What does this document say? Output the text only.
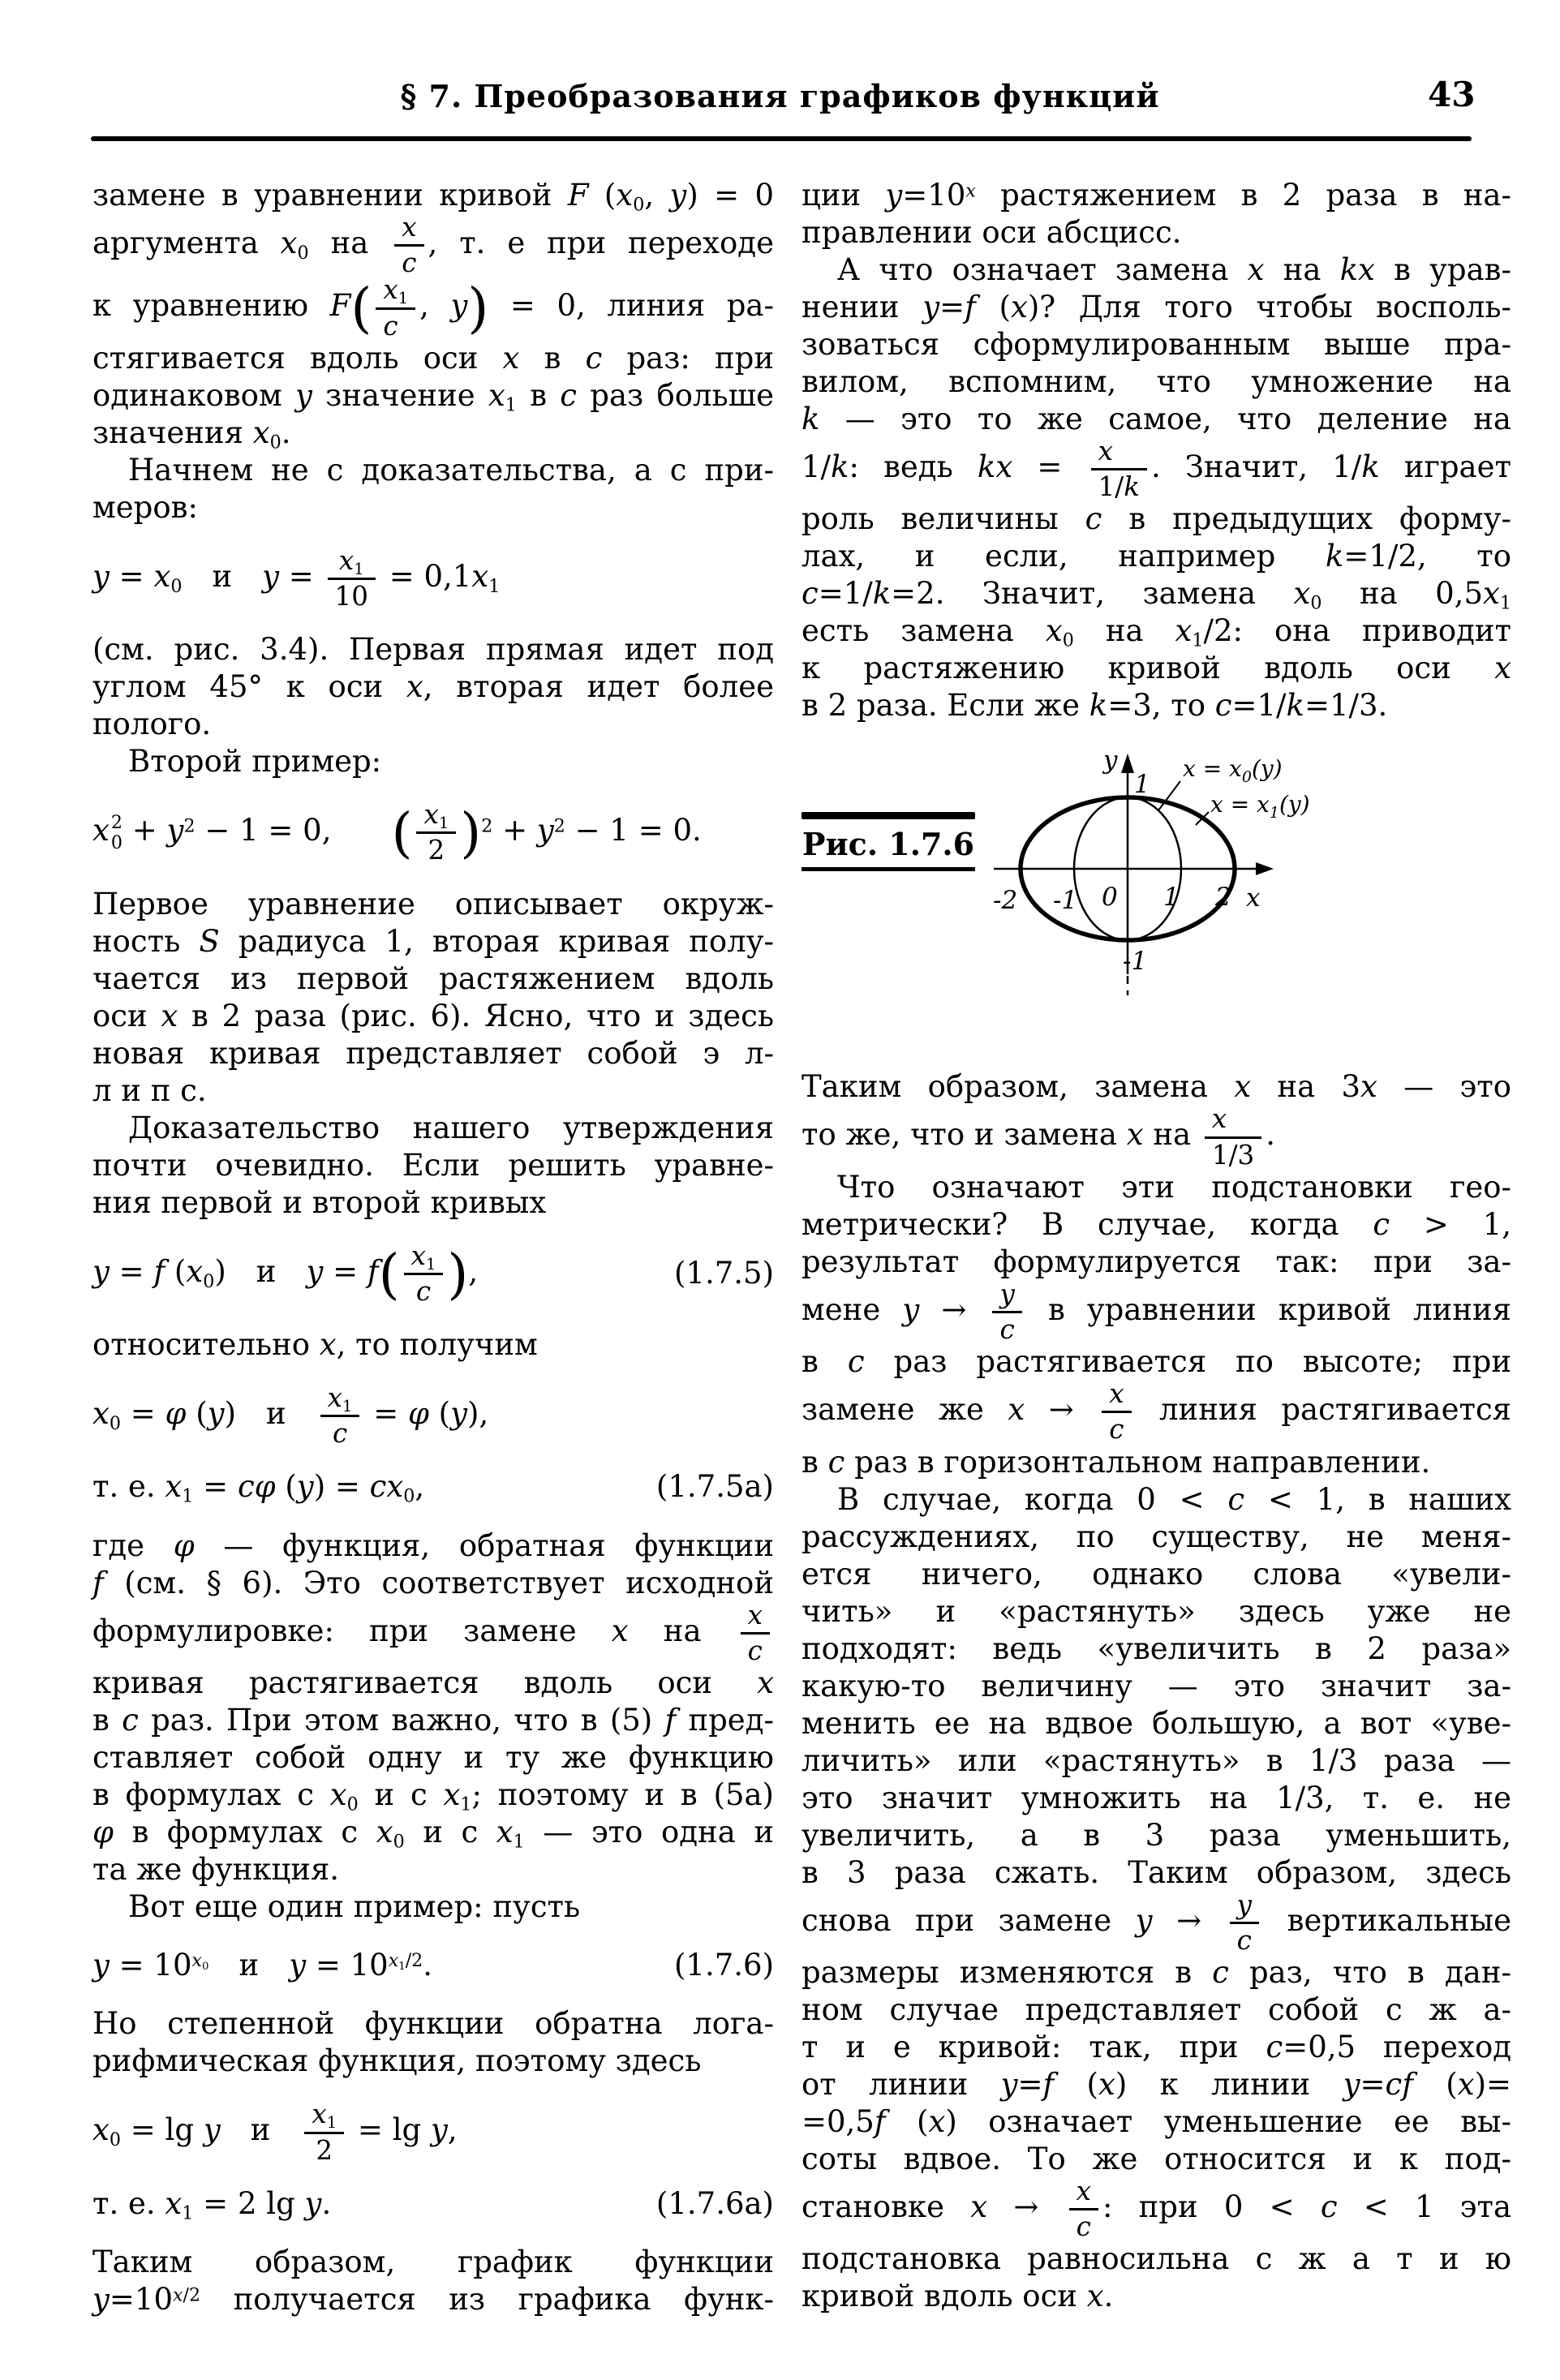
§ 7. Преобразования графиков функций	43
замене в уравнении кривой F ($x_0$, y) = 0
аргумента $x_0$ на $\frac{x}{c}$ , т. е при переходе
к уравнению $F( \frac{x_1}{c}$ , y) = 0, линия ра-
стягивается вдоль оси x в c раз: при
одинаковом y значение $x_1$ в c раз больше
значения $x_0$.
Начнем не с доказательства, а с при-
меров:
$y = x_0$ и $y = \frac{x_1}{10} = 0,1x_1$
(см. рис. 3.4). Первая прямая идет под
углом 45° к оси x, вторая идет более
полого.
Второй пример:
x 2
$0 + y^2 - 1 = 0$,  ( $\frac{x_1}{2} )^2 + y^2 - 1 = 0$.
Первое уравнение описывает окруж-
ность S радиуса 1, вторая кривая полу-
чается из первой растяжением вдоль
оси x в 2 раза (рис. 6). Ясно, что и здесь
новая кривая представляет собой э л-
л и п с.
Доказательство нашего утверждения
почти очевидно. Если решить уравне-
ния первой и второй кривых
y = f $(x_0)$ и $y = f( \frac{x_1}{c}$ ),	(1.7.5)
относительно x, то получим
$x_0 = \varphi$ (y) и  $\frac{x_1}{c} = \varphi$ (y),
т. е. $x_1 = c\varphi$ $(y) = cx_0$,	(1.7.5а)
где φ — функция, обратная функции
f (см. § 6). Это соответствует исходной
формулировке: при замене x на $\frac{x}{c}$
кривая растягивается вдоль оси x
в c раз. При этом важно, что в (5) f пред-
ставляет собой одну и ту же функцию
в формулах с $x_0$ и с $x_1$; поэтому и в (5а)
φ в формулах с $x_0$ и с $x_1$ — это одна и
та же функция.
Вот еще один пример: пусть
$y = 10^{x_0}$ и $y = 10^{x_1/2}$.	(1.7.6)
Но степенной функции обратна лога-
рифмическая функция, поэтому здесь
$x_0 = \lg y$ и  $\frac{x_1}{2} = \lg y$,
т. е. $x_1 = 2$ lg y.	(1.7.6а)
Таким образом, график функции
$y=10^{x/2}$ получается из графика функ-
ции $y=10^x$ растяжением в 2 раза в на-
правлении оси абсцисс.
А что означает замена x на kx в урав-
нении y=f (x)? Для того чтобы восполь-
зоваться сформулированным выше пра-
вилом, вспомним, что умножение на
k — это то же самое, что деление на
1/k: ведь kx = $\frac{x}{1/k}$ . Значит, 1/k играет
роль величины c в предыдущих форму-
лах, и если, например k=1/2, то
c=1/k=2. Значит, замена $x_0$ на $0,5x_1$
есть замена $x_0$ на $x_1/2$: она приводит
к растяжению кривой вдоль оси x
в 2 раза. Если же k=3, то c=1/k=1/3.
Рис. 1.7.6
y
x
-2 -1 0 1 2
1
-1
$x = x_0(y)$
$x = x_1(y)$
Таким образом, замена x на 3x — это
то же, что и замена x на $\frac{x}{1/3}$ .
Что означают эти подстановки гео-
метрически? В случае, когда c > 1,
результат формулируется так: при за-
мене $y \to \frac{y}{c}$ в уравнении кривой линия
в c раз растягивается по высоте; при
замене же $x \to \frac{x}{c}$ линия растягивается
в c раз в горизонтальном направлении.
В случае, когда 0 < c < 1, в наших
рассуждениях, по существу, не меня-
ется ничего, однако слова «увели-
чить» и «растянуть» здесь уже не
подходят: ведь «увеличить в 2 раза»
какую-то величину — это значит за-
менить ее на вдвое большую, а вот «уве-
личить» или «растянуть» в 1/3 раза —
это значит умножить на 1/3, т. е. не
увеличить, а в 3 раза уменьшить,
в 3 раза сжать. Таким образом, здесь
снова при замене $y \to \frac{y}{c}$ вертикальные
размеры изменяются в c раз, что в дан-
ном случае представляет собой с ж а-
т и е кривой: так, при c=0,5 переход
от линии y=f (x) к линии y=cf (x)=
=0,5f (x) означает уменьшение ее вы-
соты вдвое. То же относится и к под-
становке $x \to \frac{x}{c}$ : при 0 < c < 1 эта
подстановка равносильна с ж а т и ю
кривой вдоль оси x.
